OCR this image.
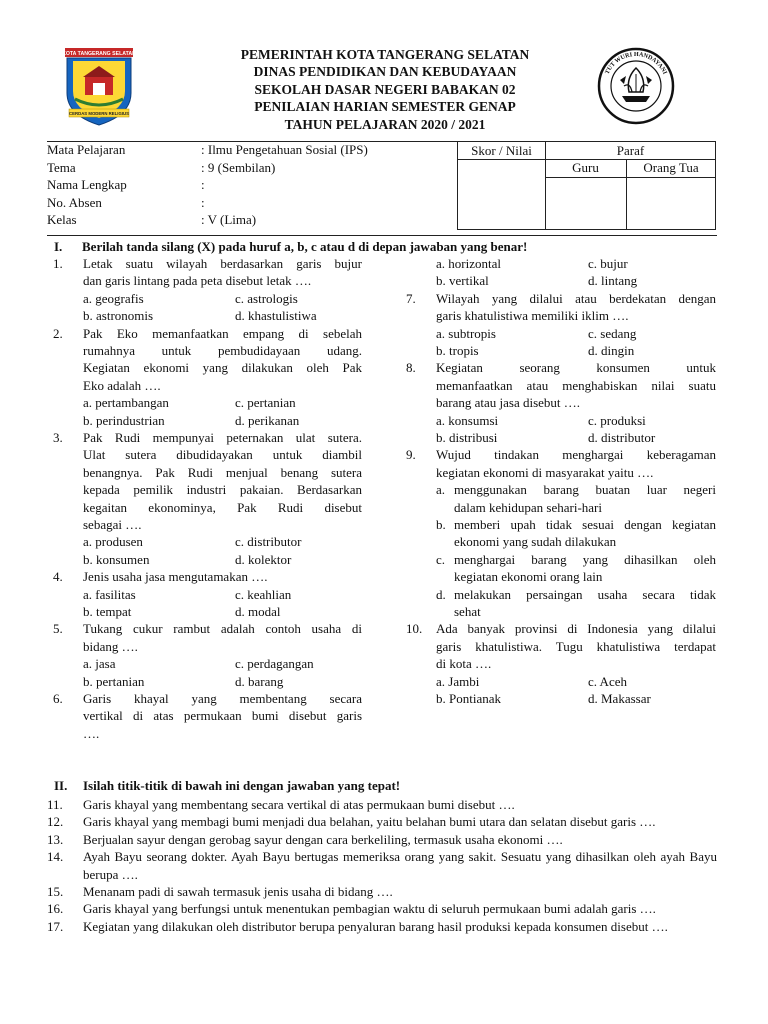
KOTA TANGERANG SELATAN
CERDAS MODERN RELIGIUS
PEMERINTAH KOTA TANGERANG SELATAN
DINAS PENDIDIKAN DAN KEBUDAYAAN
SEKOLAH DASAR NEGERI BABAKAN 02
PENILAIAN HARIAN SEMESTER GENAP
TAHUN PELAJARAN 2020 / 2021
TUT WURI HANDAYANI
Mata Pelajaran	: Ilmu Pengetahuan Sosial (IPS)
Tema	: 9 (Sembilan)
Nama Lengkap	:
No. Absen	:
Kelas	: V (Lima)
Skor / Nilai	Paraf
Guru	Orang Tua
I. Berilah tanda silang (X) pada huruf a, b, c atau d di depan jawaban yang benar!
1. Letak suatu wilayah berdasarkan garis bujur
dan garis lintang pada peta disebut letak ….
a. geografis	c. astrologis
b. astronomis	d. khastulistiwa
2. Pak Eko memanfaatkan empang di sebelah
rumahnya untuk pembudidayaan udang.
Kegiatan ekonomi yang dilakukan oleh Pak
Eko adalah ….
a. pertambangan	c. pertanian
b. perindustrian	d. perikanan
3. Pak Rudi mempunyai peternakan ulat sutera.
Ulat sutera dibudidayakan untuk diambil
benangnya. Pak Rudi menjual benang sutera
kepada pemilik industri pakaian. Berdasarkan
kegaitan ekonominya, Pak Rudi disebut
sebagai ….
a. produsen	c. distributor
b. konsumen	d. kolektor
4. Jenis usaha jasa mengutamakan ….
a. fasilitas	c. keahlian
b. tempat	d. modal
5. Tukang cukur rambut adalah contoh usaha di
bidang ….
a. jasa	c. perdagangan
b. pertanian	d. barang
6. Garis khayal yang membentang secara
vertikal di atas permukaan bumi disebut garis
….
a. horizontal	c. bujur
b. vertikal	d. lintang
7. Wilayah yang dilalui atau berdekatan dengan
garis khatulistiwa memiliki iklim ….
a. subtropis	c. sedang
b. tropis	d. dingin
8. Kegiatan seorang konsumen untuk
memanfaatkan atau menghabiskan nilai suatu
barang atau jasa disebut ….
a. konsumsi	c. produksi
b. distribusi	d. distributor
9. Wujud tindakan menghargai keberagaman
kegiatan ekonomi di masyarakat yaitu ….
a. menggunakan barang buatan luar negeri
dalam kehidupan sehari-hari
b. memberi upah tidak sesuai dengan kegiatan
ekonomi yang sudah dilakukan
c. menghargai barang yang dihasilkan oleh
kegiatan ekonomi orang lain
d. melakukan persaingan usaha secara tidak
sehat
10. Ada banyak provinsi di Indonesia yang dilalui
garis khatulistiwa. Tugu khatulistiwa terdapat
di kota ….
a. Jambi	c. Aceh
b. Pontianak	d. Makassar
II. Isilah titik-titik di bawah ini dengan jawaban yang tepat!
11. Garis khayal yang membentang secara vertikal di atas permukaan bumi disebut ….
12. Garis khayal yang membagi bumi menjadi dua belahan, yaitu belahan bumi utara dan selatan disebut garis ….
13. Berjualan sayur dengan gerobag sayur dengan cara berkeliling, termasuk usaha ekonomi ….
14. Ayah Bayu seorang dokter. Ayah Bayu bertugas memeriksa orang yang sakit. Sesuatu yang dihasilkan oleh ayah Bayu berupa ….
15. Menanam padi di sawah termasuk jenis usaha di bidang ….
16. Garis khayal yang berfungsi untuk menentukan pembagian waktu di seluruh permukaan bumi adalah garis ….
17. Kegiatan yang dilakukan oleh distributor berupa penyaluran barang hasil produksi kepada konsumen disebut ….
